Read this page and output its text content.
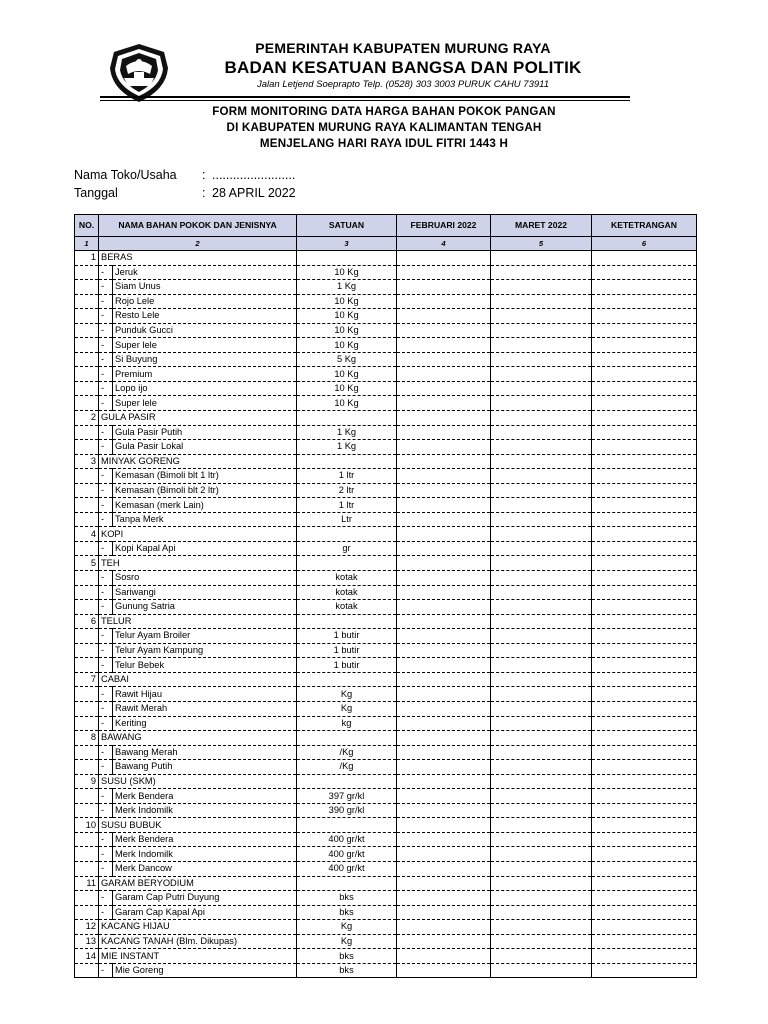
PEMERINTAH KABUPATEN MURUNG RAYA
BADAN KESATUAN BANGSA DAN POLITIK
Jalan Letjend Soeprapto Telp. (0528) 303 3003 PURUK CAHU 73911
FORM MONITORING DATA HARGA BAHAN POKOK PANGAN
DI KABUPATEN MURUNG RAYA KALIMANTAN TENGAH
MENJELANG HARI RAYA IDUL FITRI 1443 H
Nama Toko/Usaha : ........................
Tanggal	: 28 APRIL 2022
NO.	NAMA BAHAN POKOK DAN JENISNYA		SATUAN	FEBRUARI 2022	MARET 2022	KETETRANGAN
1	2		3	4	5	6
1	BERAS					
	-	Jeruk	10 Kg			
	-	Siam Unus	1 Kg			
	-	Rojo Lele	10 Kg			
	-	Resto Lele	10 Kg			
	-	Punduk Gucci	10 Kg			
	-	Super lele	10 Kg			
	-	Si Buyung	5 Kg			
	-	Premium	10 Kg			
	-	Lopo ijo	10 Kg			
	-	Super lele	10 Kg			
2	GULA PASIR					
	-	Gula Pasir Putih	1 Kg			
	-	Gula Pasir Lokal	1 Kg			
3	MINYAK GORENG					
	-	Kemasan (Bimoli blt 1 ltr)	1 ltr			
	-	Kemasan (Bimoli blt 2 ltr)	2 ltr			
	-	Kemasan (merk Lain)	1 ltr			
	-	Tanpa Merk	Ltr			
4	KOPI					
	-	Kopi Kapal Api	gr			
5	TEH					
	-	Sosro	kotak			
	-	Sariwangi	kotak			
	-	Gunung Satria	kotak			
6	TELUR					
	-	Telur Ayam Broiler	1 butir			
	-	Telur Ayam Kampung	1 butir			
	-	Telur Bebek	1 butir			
7	CABAI					
	-	Rawit Hijau	Kg			
	-	Rawit Merah	Kg			
	-	Keriting	kg			
8	BAWANG					
	-	Bawang Merah	/Kg			
	-	Bawang Putih	/Kg			
9	SUSU (SKM)					
	-	Merk Bendera	397 gr/kl			
	-	Merk Indomilk	390 gr/kl			
10	SUSU BUBUK					
	-	Merk Bendera	400 gr/kt			
	-	Merk Indomilk	400 gr/kt			
	-	Merk Dancow	400 gr/kt			
11	GARAM BERYODIUM					
	-	Garam Cap Putri Duyung	bks			
	-	Garam Cap Kapal Api	bks			
12	KACANG HIJAU		Kg			
13	KACANG TANAH (Blm. Dikupas)		Kg			
14	MIE INSTANT		bks			
	-	Mie Goreng	bks			
